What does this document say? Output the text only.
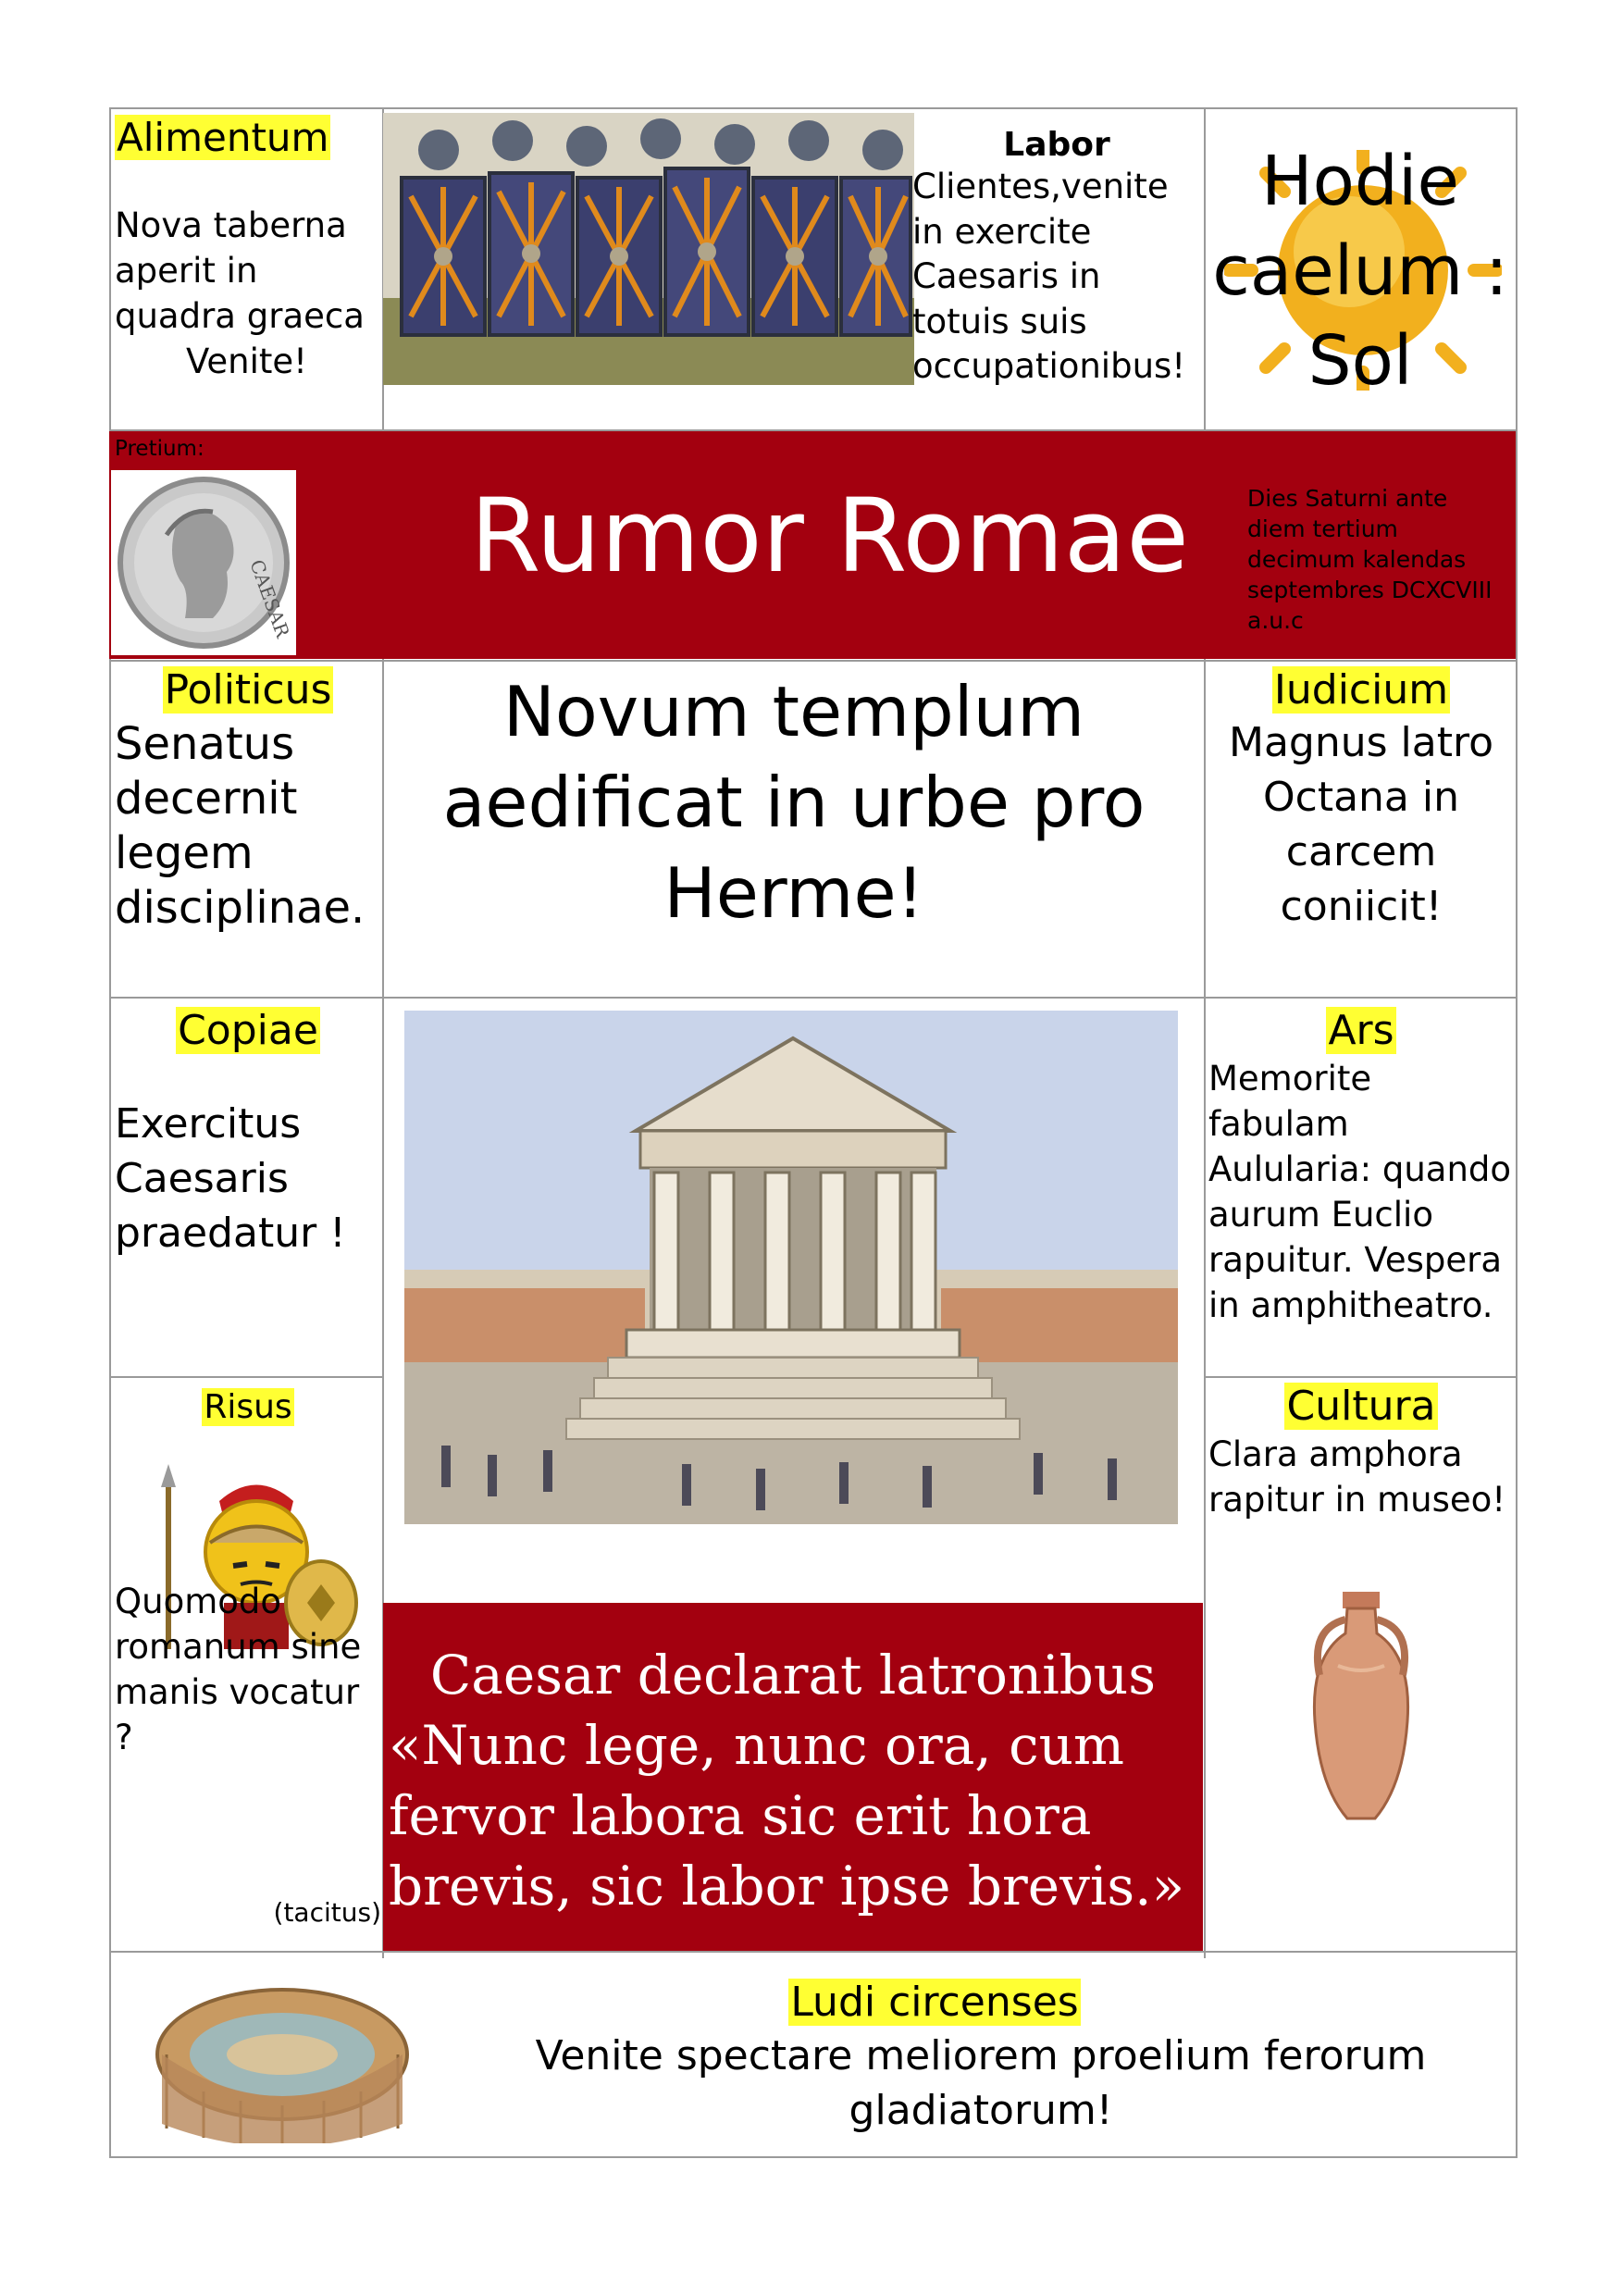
Alimentum
Nova taberna aperit in quadra graeca
Venite!
Labor
Clientes,venite in exercite Caesaris in totuis suis occupationibus!
Hodie
caelum :
Sol
Pretium:
CAESAR
Rumor Romae	Dies Saturni ante diem tertium decimum kalendas septembres DCXCVIII a.u.c
Politicus
Senatus decernit legem disciplinae.
Novum templum aedificat in urbe pro Herme!
Iudicium
Magnus latro Octana in carcem coniicit!
Copiae
Exercitus Caesaris praedatur !
Ars
Memorite fabulam Aulularia: quando aurum Euclio rapuitur. Vespera in amphitheatro.
Risus
Quomodo romanum sine manis vocatur ?
(tacitus)
Caesar declarat latronibus
«Nunc lege, nunc ora, cum fervor labora sic erit hora brevis, sic labor ipse brevis.»
Cultura
Clara amphora rapitur in museo!
Ludi circenses
Venite spectare meliorem proelium ferorum gladiatorum!
